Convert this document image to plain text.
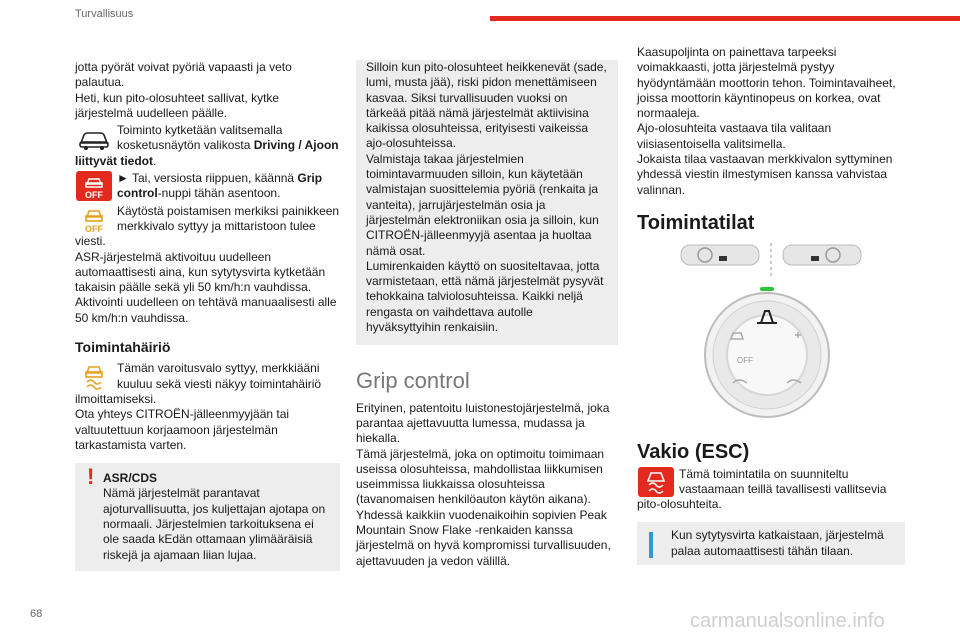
Turvallisuus

jotta pyörät voivat pyöriä vapaasti ja veto palautua.
Heti, kun pito-olosuhteet sallivat, kytke järjestelmä uudelleen päälle.

Toiminto kytketään valitsemalla kosketusnäytön valikosta Driving / Ajoon liittyvät tiedot.

OFF

► Tai, versiosta riippuen, käännä Grip control-nuppi tähän asentoon.

OFF

Käytöstä poistamisen merkiksi painikkeen merkkivalo syttyy ja mittaristoon tulee viesti.

ASR-järjestelmä aktivoituu uudelleen automaattisesti aina, kun sytytysvirta kytketään takaisin päälle sekä yli 50 km/h:n vauhdissa.
Aktivointi uudelleen on tehtävä manuaalisesti alle 50 km/h:n vauhdissa.

Toimintahäiriö

Tämän varoitusvalo syttyy, merkkiääni kuuluu sekä viesti näkyy toimintahäiriö ilmoittamiseksi.
Ota yhteys CITROËN-jälleenmyyjään tai valtuutettuun korjaamoon järjestelmän tarkastamista varten.

! ASR/CDS

Nämä järjestelmät parantavat ajoturvallisuutta, jos kuljettajan ajotapa on normaali. Järjestelmien tarkoituksena ei ole saada kEdän ottamaan ylimääräisiä riskejä ja ajamaan liian lujaa.

Silloin kun pito-olosuhteet heikkenevät (sade, lumi, musta jää), riski pidon menettämiseen kasvaa. Siksi turvallisuuden vuoksi on tärkeää pitää nämä järjestelmät aktiivisina kaikissa olosuhteissa, erityisesti vaikeissa ajo-olosuhteissa.
Valmistaja takaa järjestelmien toimintavarmuuden silloin, kun käytetään valmistajan suosittelemia pyöriä (renkaita ja vanteita), jarrujärjestelmän osia ja järjestelmän elektroniikan osia ja silloin, kun CITROËN-jälleenmyyjä asentaa ja huoltaa nämä osat.
Lumirenkaiden käyttö on suositeltavaa, jotta varmistetaan, että nämä järjestelmät pysyvät tehokkaina talviolosuhteissa. Kaikki neljä rengasta on vaihdettava autolle hyväksyttyihin renkaisiin.

Grip control

Erityinen, patentoitu luistonestojärjestelmä, joka parantaa ajettavuutta lumessa, mudassa ja hiekalla.
Tämä järjestelmä, joka on optimoitu toimimaan useissa olosuhteissa, mahdollistaa liikkumisen useimmissa liukkaissa olosuhteissa (tavanomaisen henkilöauton käytön aikana).
Yhdessä kaikkiin vuodenaikoihin sopivien Peak Mountain Snow Flake -renkaiden kanssa järjestelmä on hyvä kompromissi turvallisuuden, ajettavuuden ja vedon välillä.

Kaasupoljinta on painettava tarpeeksi voimakkaasti, jotta järjestelmä pystyy hyödyntämään moottorin tehon. Toimintavaiheet, joissa moottorin käyntinopeus on korkea, ovat normaaleja.
Ajo-olosuhteita vastaava tila valitaan viisiasentoisella valitsimella.
Jokaista tilaa vastaavan merkkivalon syttyminen yhdessä viestin ilmestymisen kanssa vahvistaa valinnan.

Toimintatilat
OFF
Vakio (ESC)

Tämä toimintatila on suunniteltu vastaamaan teillä tavallisesti vallitsevia pito-olosuhteita.

Kun sytytysvirta katkaistaan, järjestelmä palaa automaattisesti tähän tilaan.

68	carmanualsonline.info
